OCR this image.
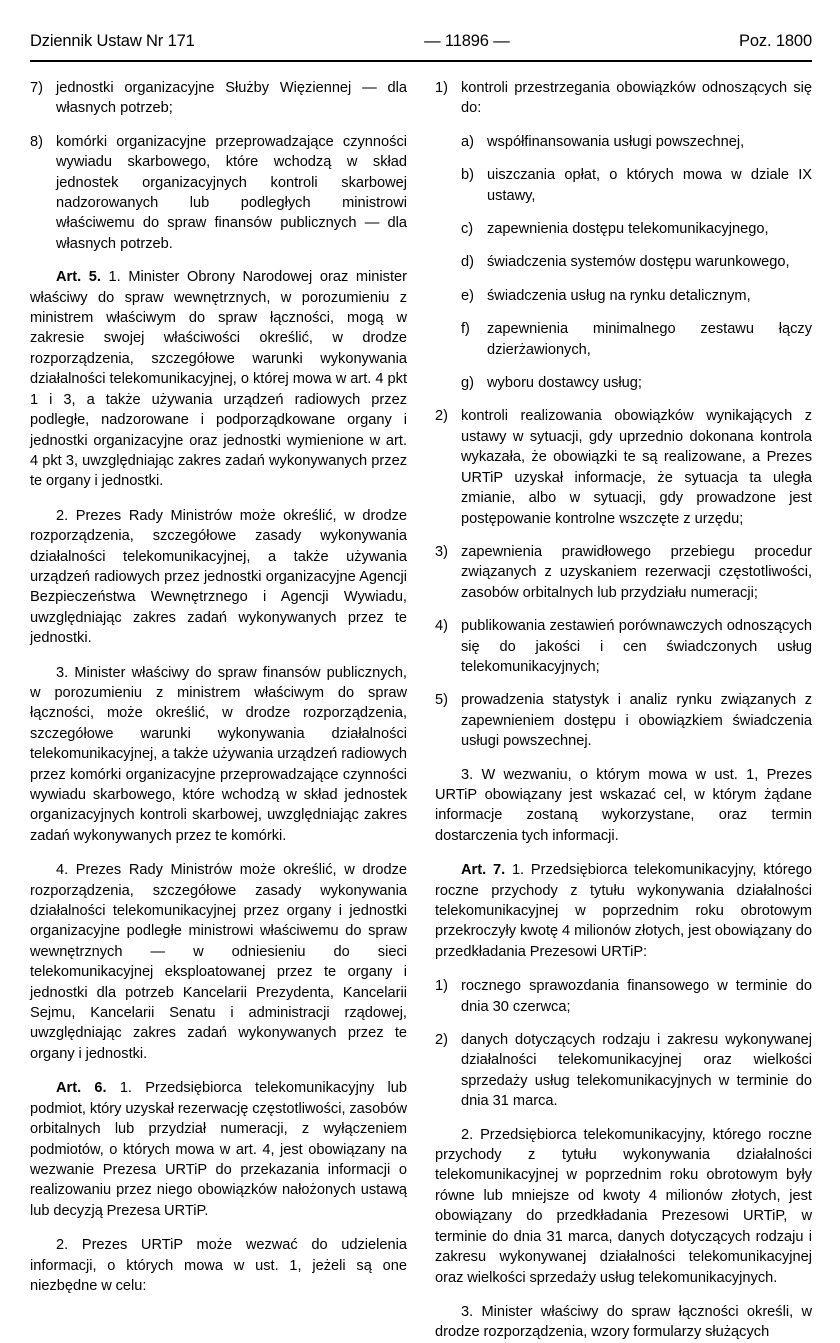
Dziennik Ustaw Nr 171	— 11896 —	Poz. 1800
7) jednostki organizacyjne Służby Więziennej — dla własnych potrzeb;
8) komórki organizacyjne przeprowadzające czynności wywiadu skarbowego, które wchodzą w skład jednostek organizacyjnych kontroli skarbowej nadzorowanych lub podległych ministrowi właściwemu do spraw finansów publicznych — dla własnych potrzeb.

Art. 5. 1. Minister Obrony Narodowej oraz minister właściwy do spraw wewnętrznych, w porozumieniu z ministrem właściwym do spraw łączności, mogą w zakresie swojej właściwości określić, w drodze rozporządzenia, szczegółowe warunki wykonywania działalności telekomunikacyjnej, o której mowa w art. 4 pkt 1 i 3, a także używania urządzeń radiowych przez podległe, nadzorowane i podporządkowane organy i jednostki organizacyjne oraz jednostki wymienione w art. 4 pkt 3, uwzględniając zakres zadań wykonywanych przez te organy i jednostki.

2. Prezes Rady Ministrów może określić, w drodze rozporządzenia, szczegółowe zasady wykonywania działalności telekomunikacyjnej, a także używania urządzeń radiowych przez jednostki organizacyjne Agencji Bezpieczeństwa Wewnętrznego i Agencji Wywiadu, uwzględniając zakres zadań wykonywanych przez te jednostki.

3. Minister właściwy do spraw finansów publicznych, w porozumieniu z ministrem właściwym do spraw łączności, może określić, w drodze rozporządzenia, szczegółowe warunki wykonywania działalności telekomunikacyjnej, a także używania urządzeń radiowych przez komórki organizacyjne przeprowadzające czynności wywiadu skarbowego, które wchodzą w skład jednostek organizacyjnych kontroli skarbowej, uwzględniając zakres zadań wykonywanych przez te komórki.

4. Prezes Rady Ministrów może określić, w drodze rozporządzenia, szczegółowe zasady wykonywania działalności telekomunikacyjnej przez organy i jednostki organizacyjne podległe ministrowi właściwemu do spraw wewnętrznych — w odniesieniu do sieci telekomunikacyjnej eksploatowanej przez te organy i jednostki dla potrzeb Kancelarii Prezydenta, Kancelarii Sejmu, Kancelarii Senatu i administracji rządowej, uwzględniając zakres zadań wykonywanych przez te organy i jednostki.

Art. 6. 1. Przedsiębiorca telekomunikacyjny lub podmiot, który uzyskał rezerwację częstotliwości, zasobów orbitalnych lub przydział numeracji, z wyłączeniem podmiotów, o których mowa w art. 4, jest obowiązany na wezwanie Prezesa URTiP do przekazania informacji o realizowaniu przez niego obowiązków nałożonych ustawą lub decyzją Prezesa URTiP.

2. Prezes URTiP może wezwać do udzielenia informacji, o których mowa w ust. 1, jeżeli są one niezbędne w celu:

1) kontroli przestrzegania obowiązków odnoszących się do:
a) współfinansowania usługi powszechnej,
b) uiszczania opłat, o których mowa w dziale IX ustawy,
c) zapewnienia dostępu telekomunikacyjnego,
d) świadczenia systemów dostępu warunkowego,
e) świadczenia usług na rynku detalicznym,
f)	zapewnienia minimalnego zestawu łączy dzierżawionych,
g) wyboru dostawcy usług;
2) kontroli realizowania obowiązków wynikających z ustawy w sytuacji, gdy uprzednio dokonana kontrola wykazała, że obowiązki te są realizowane, a Prezes URTiP uzyskał informacje, że sytuacja ta uległa zmianie, albo w sytuacji, gdy prowadzone jest postępowanie kontrolne wszczęte z urzędu;
3) zapewnienia prawidłowego przebiegu procedur związanych z uzyskaniem rezerwacji częstotliwości, zasobów orbitalnych lub przydziału numeracji;
4) publikowania zestawień porównawczych odnoszących się do jakości i cen świadczonych usług telekomunikacyjnych;
5) prowadzenia statystyk i analiz rynku związanych z zapewnieniem dostępu i obowiązkiem świadczenia usługi powszechnej.

3. W wezwaniu, o którym mowa w ust. 1, Prezes URTiP obowiązany jest wskazać cel, w którym żądane informacje zostaną wykorzystane, oraz termin dostarczenia tych informacji.

Art. 7. 1. Przedsiębiorca telekomunikacyjny, którego roczne przychody z tytułu wykonywania działalności telekomunikacyjnej w poprzednim roku obrotowym przekroczyły kwotę 4 milionów złotych, jest obowiązany do przedkładania Prezesowi URTiP:

1) rocznego sprawozdania finansowego w terminie do dnia 30 czerwca;
2) danych dotyczących rodzaju i zakresu wykonywanej działalności telekomunikacyjnej oraz wielkości sprzedaży usług telekomunikacyjnych w terminie do dnia 31 marca.

2. Przedsiębiorca telekomunikacyjny, którego roczne przychody z tytułu wykonywania działalności telekomunikacyjnej w poprzednim roku obrotowym były równe lub mniejsze od kwoty 4 milionów złotych, jest obowiązany do przedkładania Prezesowi URTiP, w terminie do dnia 31 marca, danych dotyczących rodzaju i zakresu wykonywanej działalności telekomunikacyjnej oraz wielkości sprzedaży usług telekomunikacyjnych.

3. Minister właściwy do spraw łączności określi, w drodze rozporządzenia, wzory formularzy służących
